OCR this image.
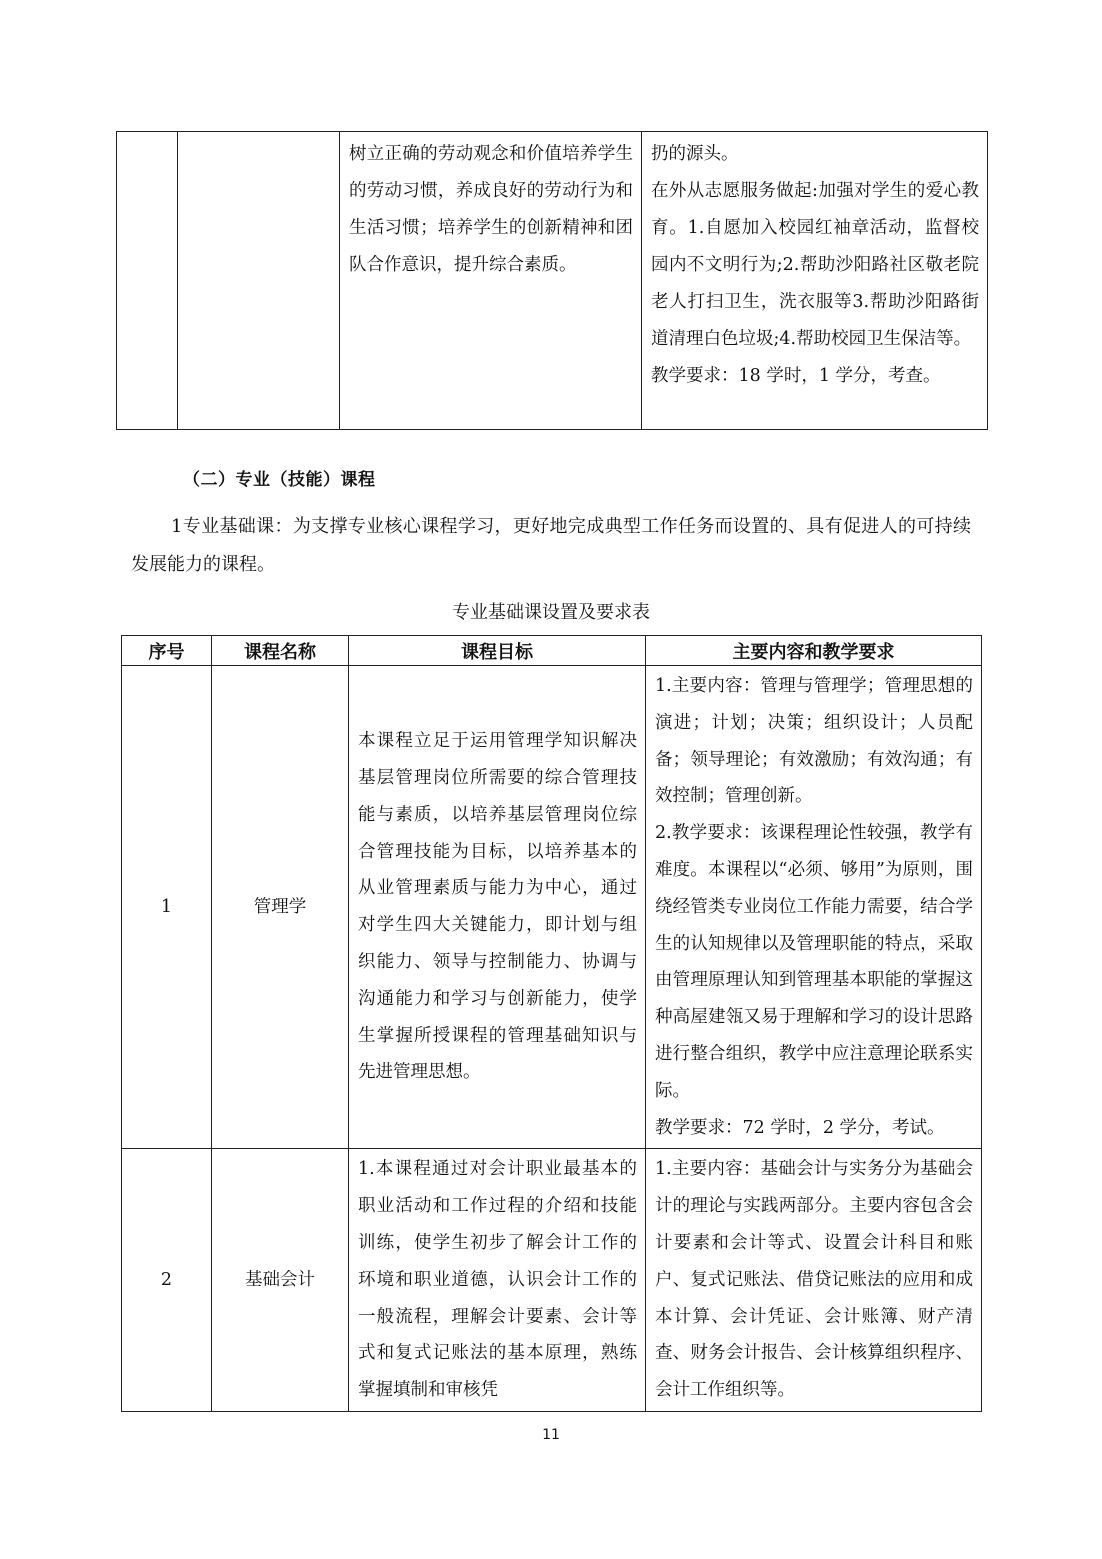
		树立正确的劳动观念和价值培养学生的劳动习惯，养成良好的劳动行为和生活习惯；培养学生的创新精神和团队合作意识，提升综合素质。	
扔的源头。
在外从志愿服务做起:加强对学生的爱心教育。1.自愿加入校园红袖章活动，监督校园内不文明行为;2.帮助沙阳路社区敬老院老人打扫卫生，洗衣服等3.帮助沙阳路街道清理白色垃圾;4.帮助校园卫生保洁等。
教学要求：18 学时，1 学分，考查。
（二）专业（技能）课程
1专业基础课：为支撑专业核心课程学习，更好地完成典型工作任务而设置的、具有促进人的可持续发展能力的课程。
专业基础课设置及要求表
序号	课程名称	课程目标	主要内容和教学要求
1	管理学	本课程立足于运用管理学知识解决基层管理岗位所需要的综合管理技能与素质，以培养基层管理岗位综合管理技能为目标，以培养基本的从业管理素质与能力为中心，通过对学生四大关键能力，即计划与组织能力、领导与控制能力、协调与沟通能力和学习与创新能力，使学生掌握所授课程的管理基础知识与先进管理思想。	1.主要内容：管理与管理学；管理思想的演进；计划；决策；组织设计；人员配备；领导理论；有效激励；有效沟通；有效控制；管理创新。
2.教学要求：该课程理论性较强，教学有难度。本课程以“必须、够用”为原则，围绕经管类专业岗位工作能力需要，结合学生的认知规律以及管理职能的特点，采取由管理原理认知到管理基本职能的掌握这种高屋建瓴又易于理解和学习的设计思路进行整合组织，教学中应注意理论联系实际。
教学要求：72 学时，2 学分，考试。

2	基础会计	1.本课程通过对会计职业最基本的职业活动和工作过程的介绍和技能训练，使学生初步了解会计工作的环境和职业道德，认识会计工作的一般流程，理解会计要素、会计等式和复式记账法的基本原理，熟练掌握填制和审核凭	1.主要内容：基础会计与实务分为基础会计的理论与实践两部分。主要内容包含会计要素和会计等式、设置会计科目和账户、复式记账法、借贷记账法的应用和成本计算、会计凭证、会计账簿、财产清查、财务会计报告、会计核算组织程序、会计工作组织等。
11
